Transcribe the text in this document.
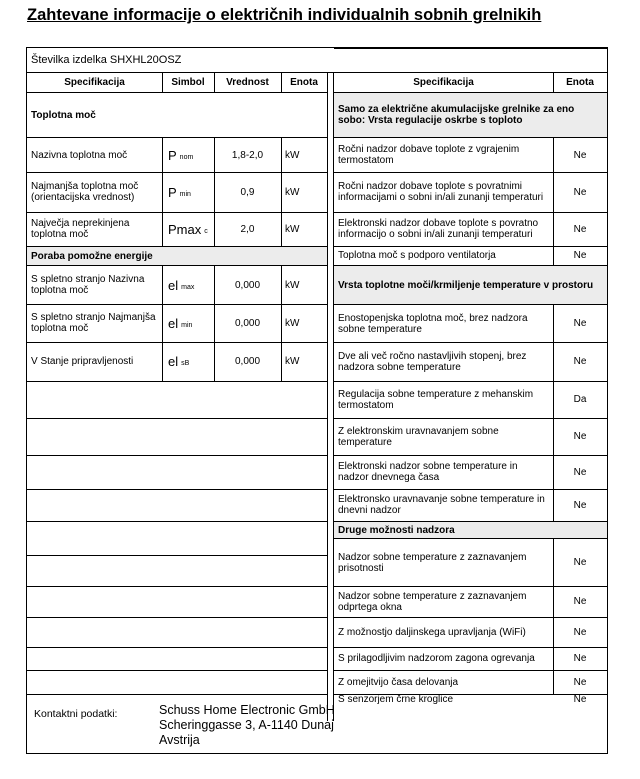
Zahtevane informacije o električnih individualnih sobnih grelnikih
Številka izdelka SHXHL20OSZ
Kontaktni podatki:	Schuss Home Electronic GmbH
Scheringgasse 3, A-1140 Dunaj
Avstrija
Specifikacija	Simbol	Vrednost	Enota
Toplotna moč
Nazivna toplotna moč	P $_{nom}$	1,8-2,0	kW
Najmanjša toplotna moč (orientacijska vrednost)	P $_{min}$	0,9	kW
Največja neprekinjena toplotna moč	Pmax $_c$	2,0	kW
Poraba pomožne energije
S spletno stranjo Nazivna toplotna moč	el $_{max}$	0,000	kW
S spletno stranjo Najmanjša toplotna moč	el $_{min}$	0,000	kW
V Stanje pripravljenosti	el $_{sB}$	0,000	kW
Specifikacija	Enota
Samo za električne akumulacijske grelnike za eno sobo: Vrsta regulacije oskrbe s toploto
Ročni nadzor dobave toplote z vgrajenim termostatom	Ne
Ročni nadzor dobave toplote s povratnimi informacijami o sobni in/ali zunanji temperaturi	Ne
Elektronski nadzor dobave toplote s povratno informacijo o sobni in/ali zunanji temperaturi	Ne
Toplotna moč s podporo ventilatorja	Ne
Vrsta toplotne moči/krmiljenje temperature v prostoru
Enostopenjska toplotna moč, brez nadzora sobne temperature	Ne
Dve ali več ročno nastavljivih stopenj, brez nadzora sobne temperature	Ne
Regulacija sobne temperature z mehanskim termostatom	Da
Z elektronskim uravnavanjem sobne temperature	Ne
Elektronski nadzor sobne temperature in nadzor dnevnega časa	Ne
Elektronsko uravnavanje sobne temperature in dnevni nadzor	Ne
Druge možnosti nadzora
Nadzor sobne temperature z zaznavanjem prisotnosti	Ne
Nadzor sobne temperature z zaznavanjem odprtega okna	Ne
Z možnostjo daljinskega upravljanja (WiFi)	Ne
S prilagodljivim nadzorom zagona ogrevanja	Ne
Z omejitvijo časa delovanja	Ne
S senzorjem črne kroglice	Ne
